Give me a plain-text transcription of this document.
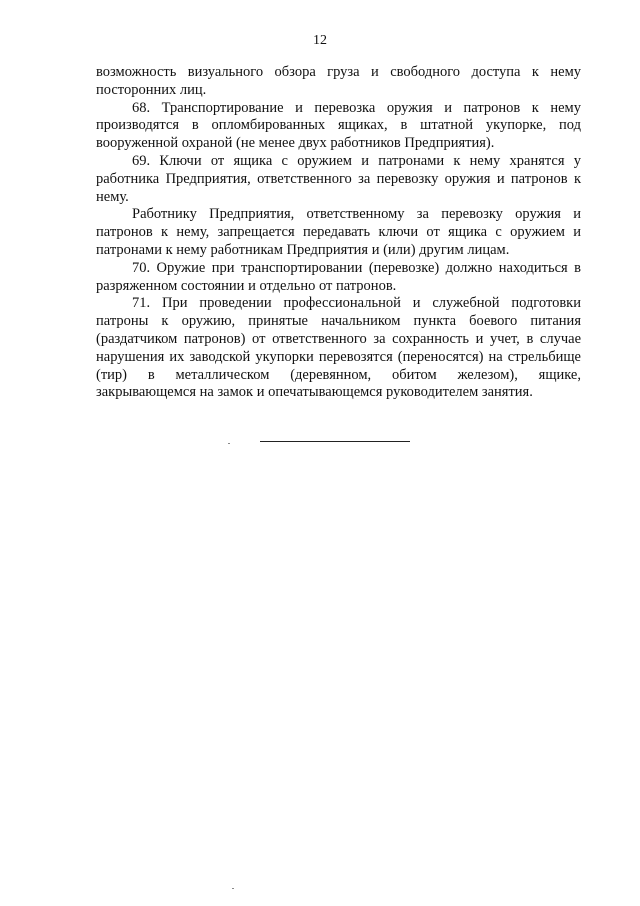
12

возможность визуального обзора груза и свободного доступа к нему посторонних лиц.

68. Транспортирование и перевозка оружия и патронов к нему производятся в опломбированных ящиках, в штатной укупорке, под вооруженной охраной (не менее двух работников Предприятия).

69. Ключи от ящика с оружием и патронами к нему хранятся у работника Предприятия, ответственного за перевозку оружия и патронов к нему.

Работнику Предприятия, ответственному за перевозку оружия и патронов к нему, запрещается передавать ключи от ящика с оружием и патронами к нему работникам Предприятия и (или) другим лицам.

70. Оружие при транспортировании (перевозке) должно находиться в разряженном состоянии и отдельно от патронов.

71. При проведении профессиональной и служебной подготовки патроны к оружию, принятые начальником пункта боевого питания (раздатчиком патронов) от ответственного за сохранность и учет, в случае нарушения их заводской укупорки перевозятся (переносятся) на стрельбище (тир) в металлическом (деревянном, обитом железом), ящике, закрывающемся на замок и опечатывающемся руководителем занятия.
